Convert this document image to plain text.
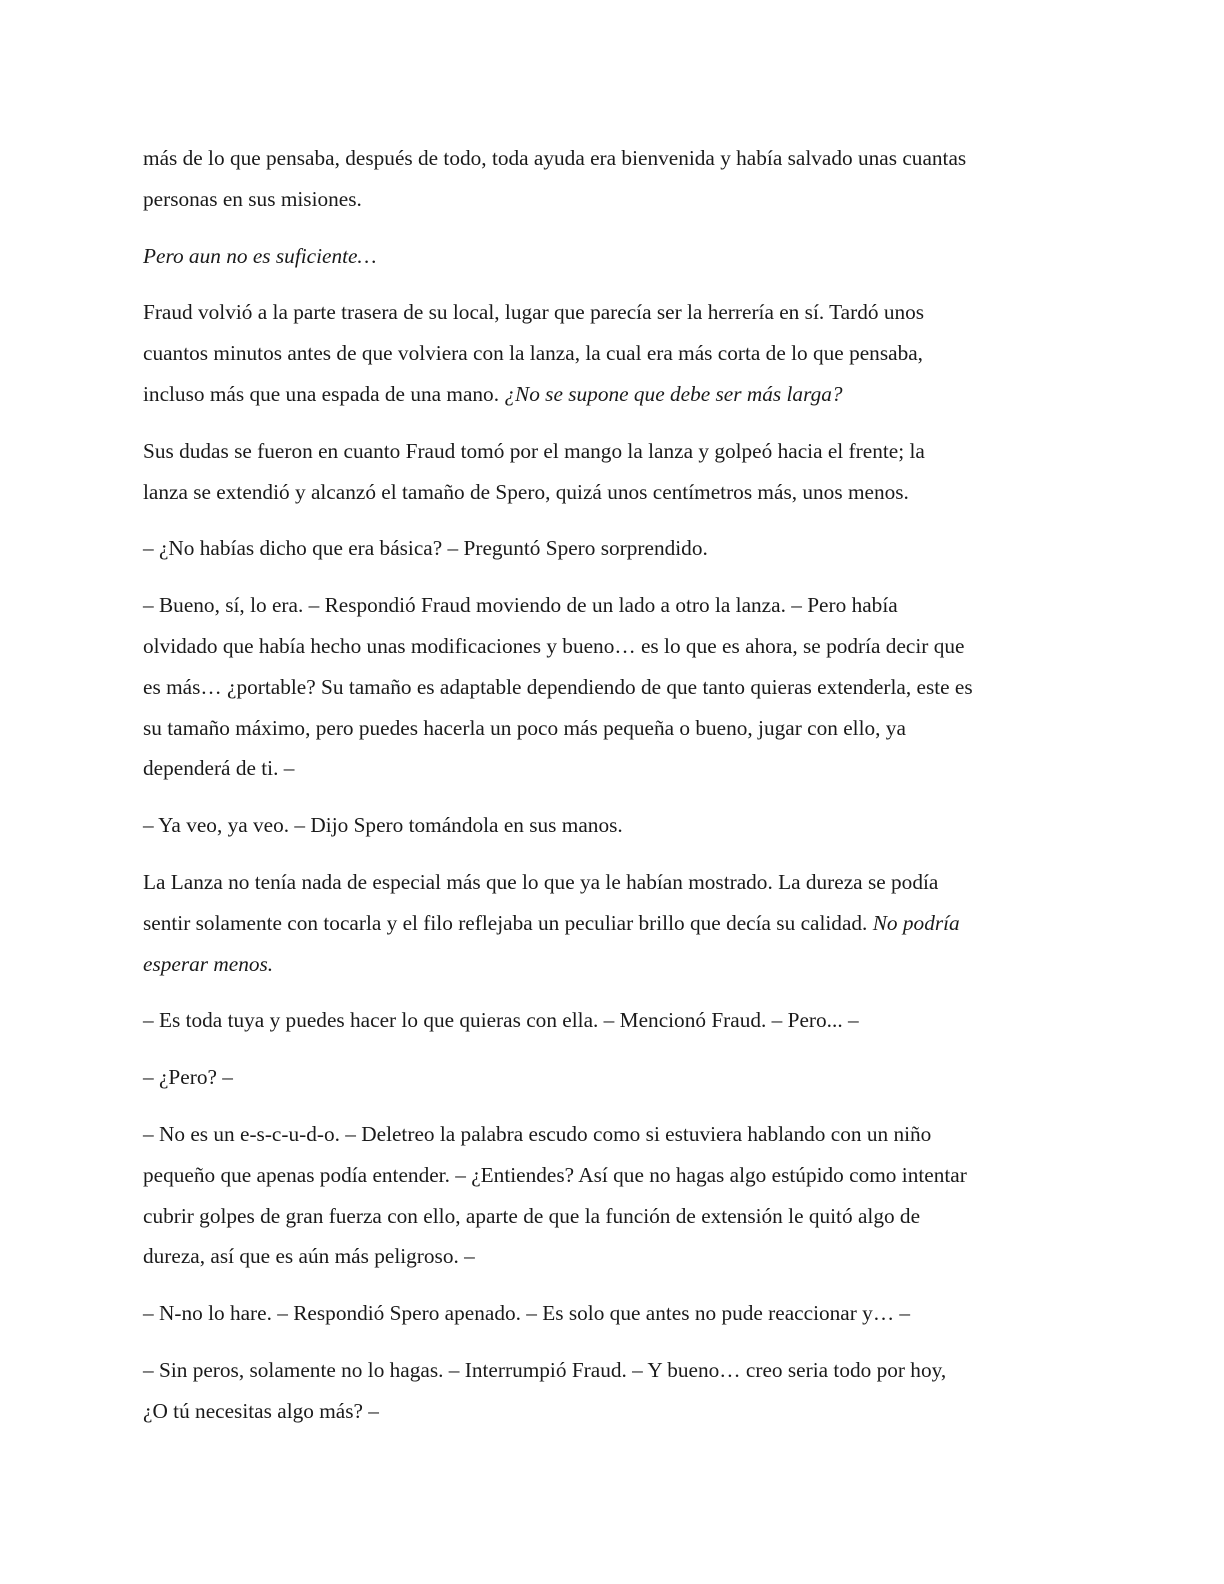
más de lo que pensaba, después de todo, toda ayuda era bienvenida y había salvado unas cuantas
personas en sus misiones.

Pero aun no es suficiente…

Fraud volvió a la parte trasera de su local, lugar que parecía ser la herrería en sí. Tardó unos
cuantos minutos antes de que volviera con la lanza, la cual era más corta de lo que pensaba,
incluso más que una espada de una mano. ¿No se supone que debe ser más larga?

Sus dudas se fueron en cuanto Fraud tomó por el mango la lanza y golpeó hacia el frente; la
lanza se extendió y alcanzó el tamaño de Spero, quizá unos centímetros más, unos menos.

– ¿No habías dicho que era básica? – Preguntó Spero sorprendido.

– Bueno, sí, lo era. – Respondió Fraud moviendo de un lado a otro la lanza. – Pero había
olvidado que había hecho unas modificaciones y bueno… es lo que es ahora, se podría decir que
es más… ¿portable? Su tamaño es adaptable dependiendo de que tanto quieras extenderla, este es
su tamaño máximo, pero puedes hacerla un poco más pequeña o bueno, jugar con ello, ya
dependerá de ti. –

– Ya veo, ya veo. – Dijo Spero tomándola en sus manos.

La Lanza no tenía nada de especial más que lo que ya le habían mostrado. La dureza se podía
sentir solamente con tocarla y el filo reflejaba un peculiar brillo que decía su calidad. No podría
esperar menos.

– Es toda tuya y puedes hacer lo que quieras con ella. – Mencionó Fraud. – Pero... –

– ¿Pero? –

– No es un e-s-c-u-d-o. – Deletreo la palabra escudo como si estuviera hablando con un niño
pequeño que apenas podía entender. – ¿Entiendes? Así que no hagas algo estúpido como intentar
cubrir golpes de gran fuerza con ello, aparte de que la función de extensión le quitó algo de
dureza, así que es aún más peligroso. –

– N-no lo hare. – Respondió Spero apenado. – Es solo que antes no pude reaccionar y… –

– Sin peros, solamente no lo hagas. – Interrumpió Fraud. – Y bueno… creo seria todo por hoy,
¿O tú necesitas algo más? –
